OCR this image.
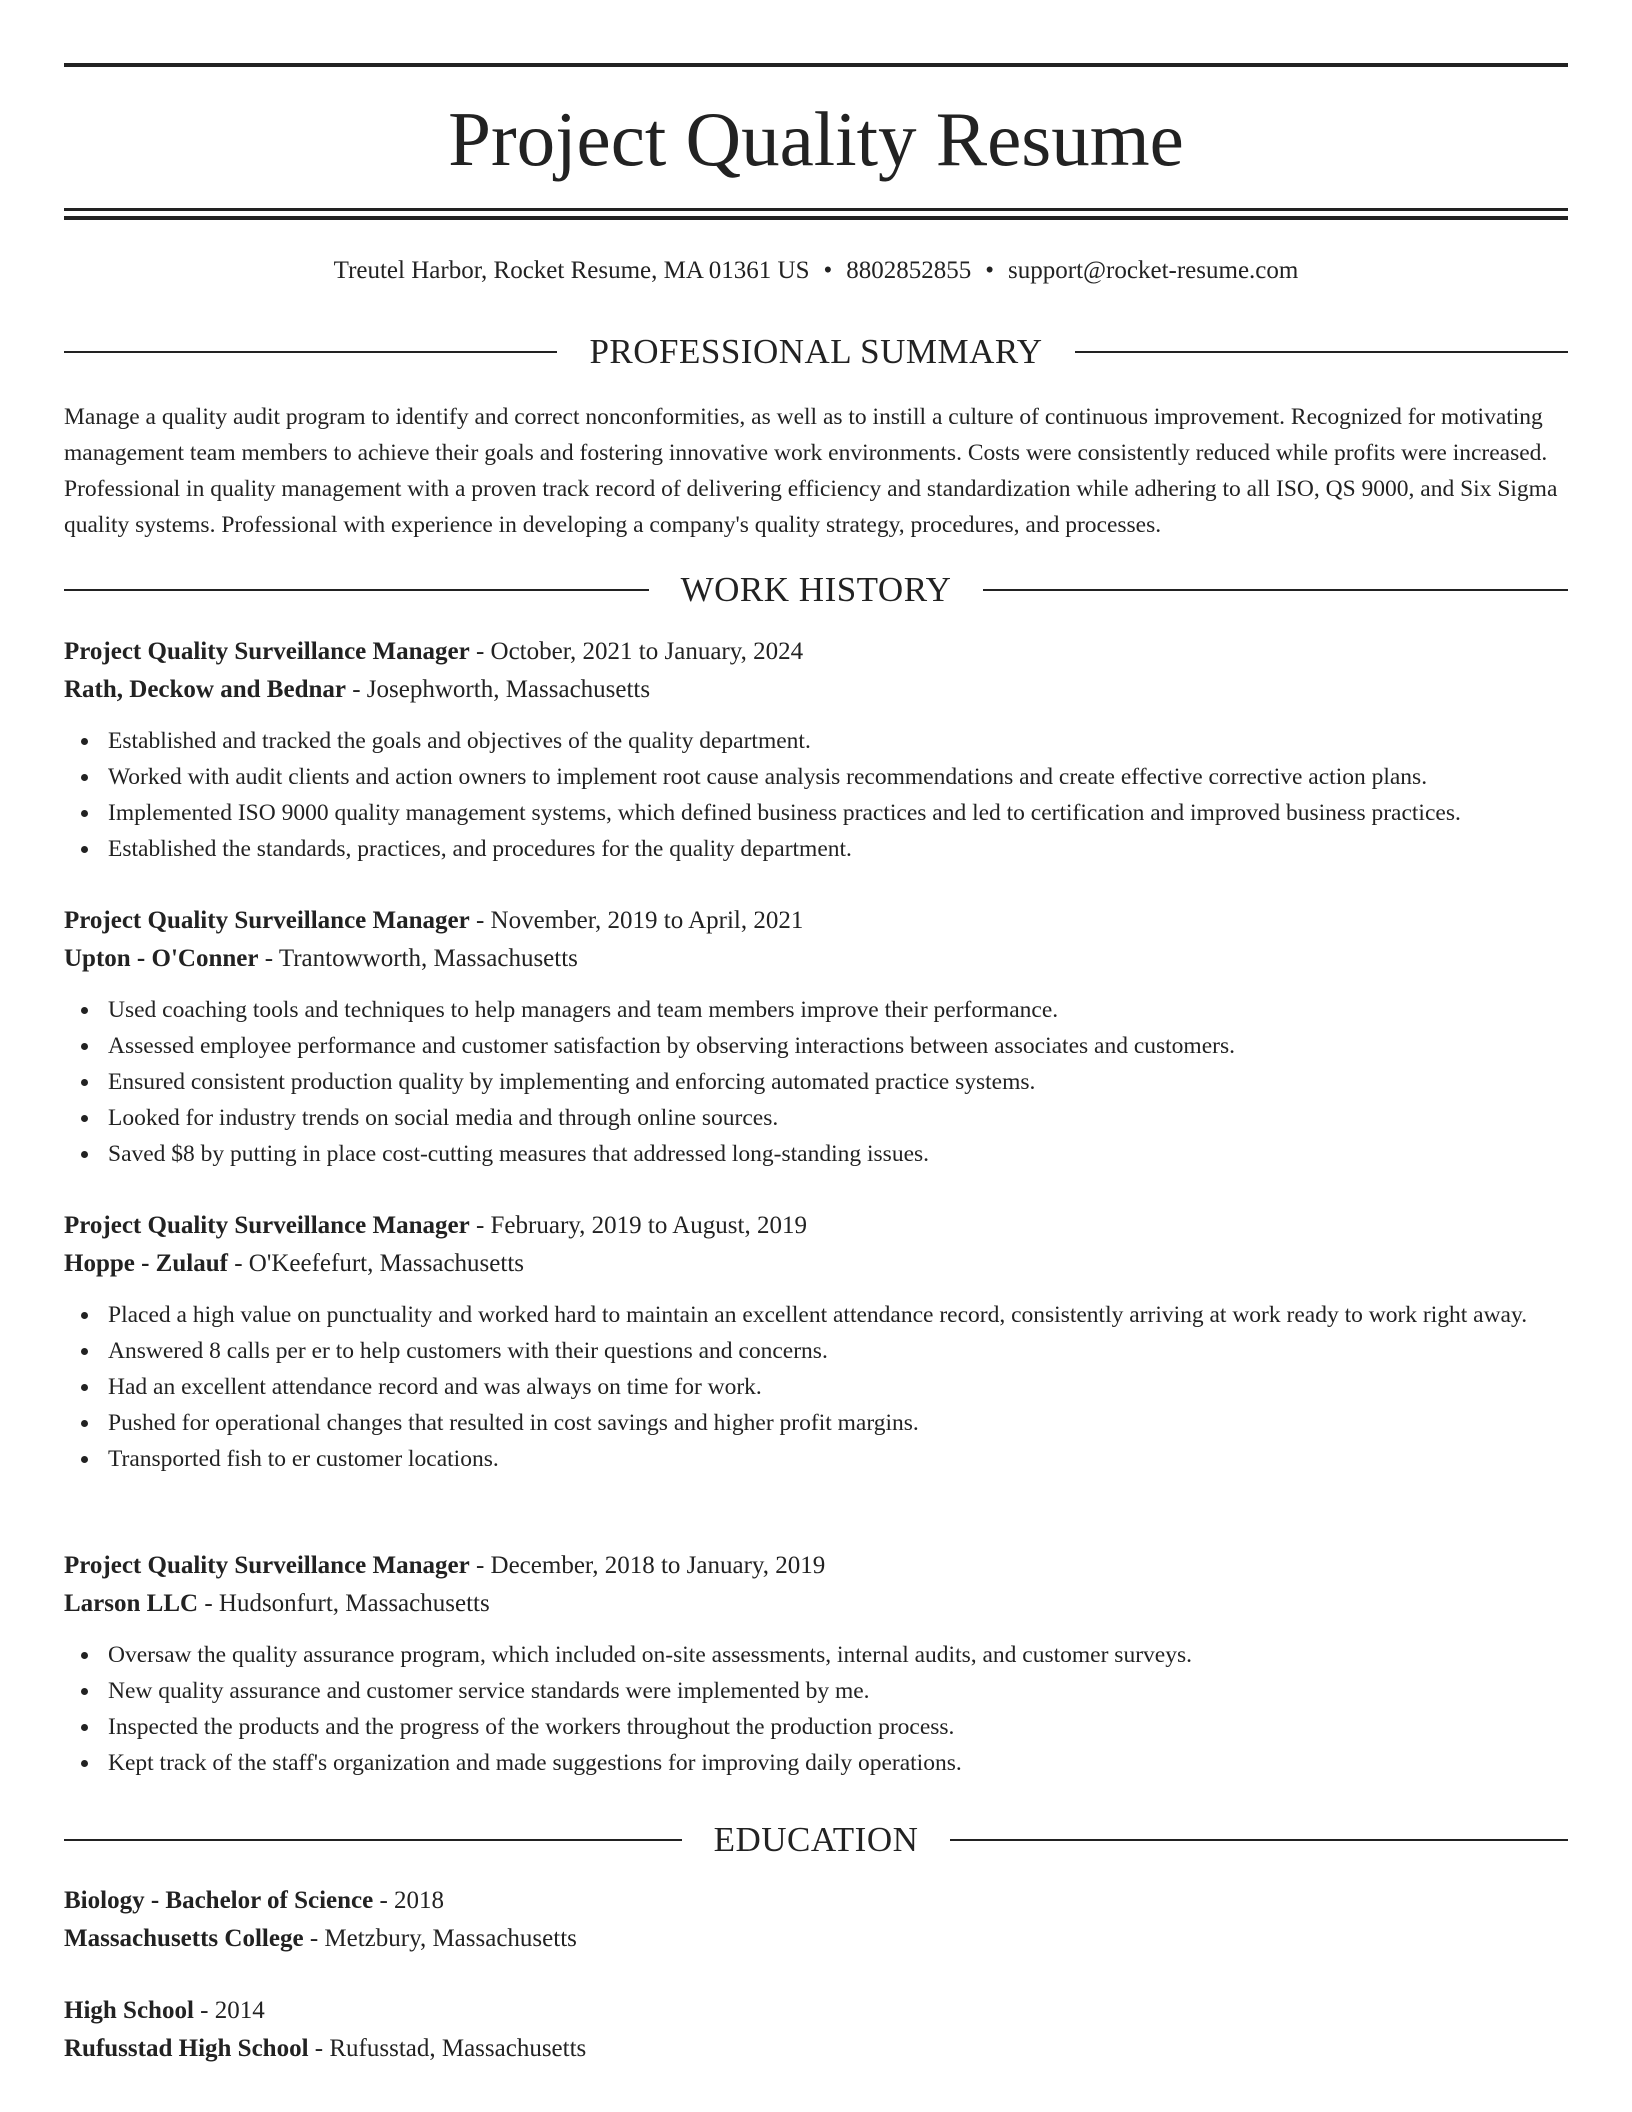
Project Quality Resume
Treutel Harbor, Rocket Resume, MA 01361 US • 8802852855 • support@rocket-resume.com
PROFESSIONAL SUMMARY

Manage a quality audit program to identify and correct nonconformities, as well as to instill a culture of continuous improvement. Recognized for motivating management team members to achieve their goals and fostering innovative work environments. Costs were consistently reduced while profits were increased. Professional in quality management with a proven track record of delivering efficiency and standardization while adhering to all ISO, QS 9000, and Six Sigma quality systems. Professional with experience in developing a company's quality strategy, procedures, and processes.

WORK HISTORY
Project Quality Surveillance Manager - October, 2021 to January, 2024
Rath, Deckow and Bednar - Josephworth, Massachusetts
Established and tracked the goals and objectives of the quality department.
Worked with audit clients and action owners to implement root cause analysis recommendations and create effective corrective action plans.
Implemented ISO 9000 quality management systems, which defined business practices and led to certification and improved business practices.
Established the standards, practices, and procedures for the quality department.
Project Quality Surveillance Manager - November, 2019 to April, 2021
Upton - O'Conner - Trantowworth, Massachusetts
Used coaching tools and techniques to help managers and team members improve their performance.
Assessed employee performance and customer satisfaction by observing interactions between associates and customers.
Ensured consistent production quality by implementing and enforcing automated practice systems.
Looked for industry trends on social media and through online sources.
Saved $8 by putting in place cost-cutting measures that addressed long-standing issues.
Project Quality Surveillance Manager - February, 2019 to August, 2019
Hoppe - Zulauf - O'Keefefurt, Massachusetts
Placed a high value on punctuality and worked hard to maintain an excellent attendance record, consistently arriving at work ready to work right away.
Answered 8 calls per er to help customers with their questions and concerns.
Had an excellent attendance record and was always on time for work.
Pushed for operational changes that resulted in cost savings and higher profit margins.
Transported fish to er customer locations.
Project Quality Surveillance Manager - December, 2018 to January, 2019
Larson LLC - Hudsonfurt, Massachusetts
Oversaw the quality assurance program, which included on-site assessments, internal audits, and customer surveys.
New quality assurance and customer service standards were implemented by me.
Inspected the products and the progress of the workers throughout the production process.
Kept track of the staff's organization and made suggestions for improving daily operations.
EDUCATION
Biology - Bachelor of Science - 2018
Massachusetts College - Metzbury, Massachusetts
High School - 2014
Rufusstad High School - Rufusstad, Massachusetts
